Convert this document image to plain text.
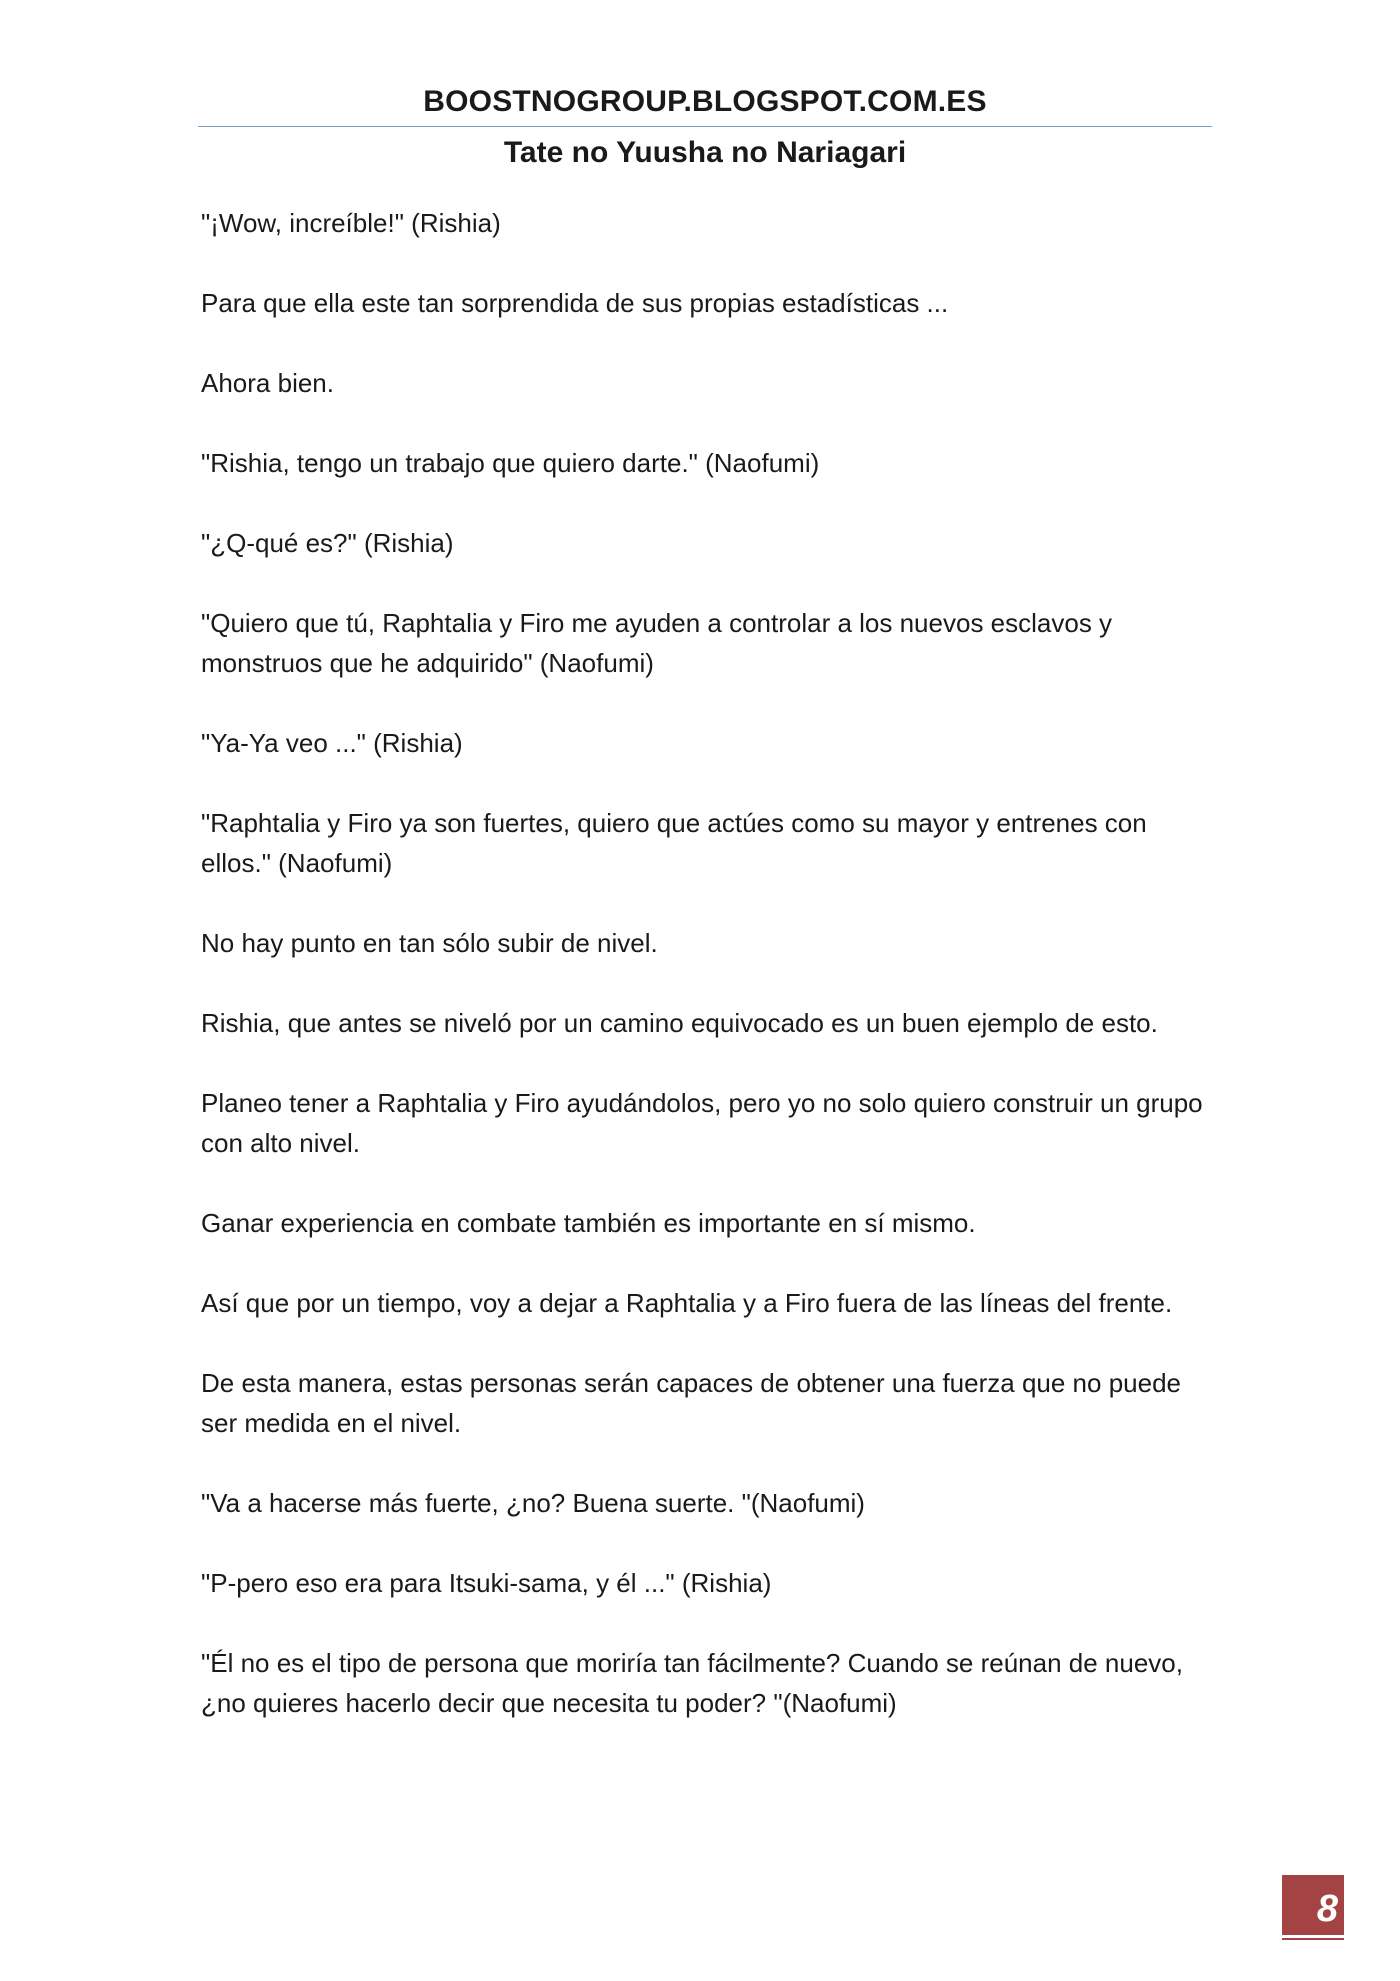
BOOSTNOGROUP.BLOGSPOT.COM.ES
Tate no Yuusha no Nariagari

"¡Wow, increíble!" (Rishia)

Para que ella este tan sorprendida de sus propias estadísticas ...

Ahora bien.

"Rishia, tengo un trabajo que quiero darte." (Naofumi)

"¿Q-qué es?" (Rishia)

"Quiero que tú, Raphtalia y Firo me ayuden a controlar a los nuevos esclavos y monstruos que he adquirido" (Naofumi)

"Ya-Ya veo ..." (Rishia)

"Raphtalia y Firo ya son fuertes, quiero que actúes como su mayor y entrenes con ellos." (Naofumi)

No hay punto en tan sólo subir de nivel.

Rishia, que antes se niveló por un camino equivocado es un buen ejemplo de esto.

Planeo tener a Raphtalia y Firo ayudándolos, pero yo no solo quiero construir un grupo con alto nivel.

Ganar experiencia en combate también es importante en sí mismo.

Así que por un tiempo, voy a dejar a Raphtalia y a Firo fuera de las líneas del frente.

De esta manera, estas personas serán capaces de obtener una fuerza que no puede ser medida en el nivel.

"Va a hacerse más fuerte, ¿no? Buena suerte. "(Naofumi)

"P-pero eso era para Itsuki-sama, y él ..." (Rishia)

"Él no es el tipo de persona que moriría tan fácilmente? Cuando se reúnan de nuevo, ¿no quieres hacerlo decir que necesita tu poder? "(Naofumi)

8
